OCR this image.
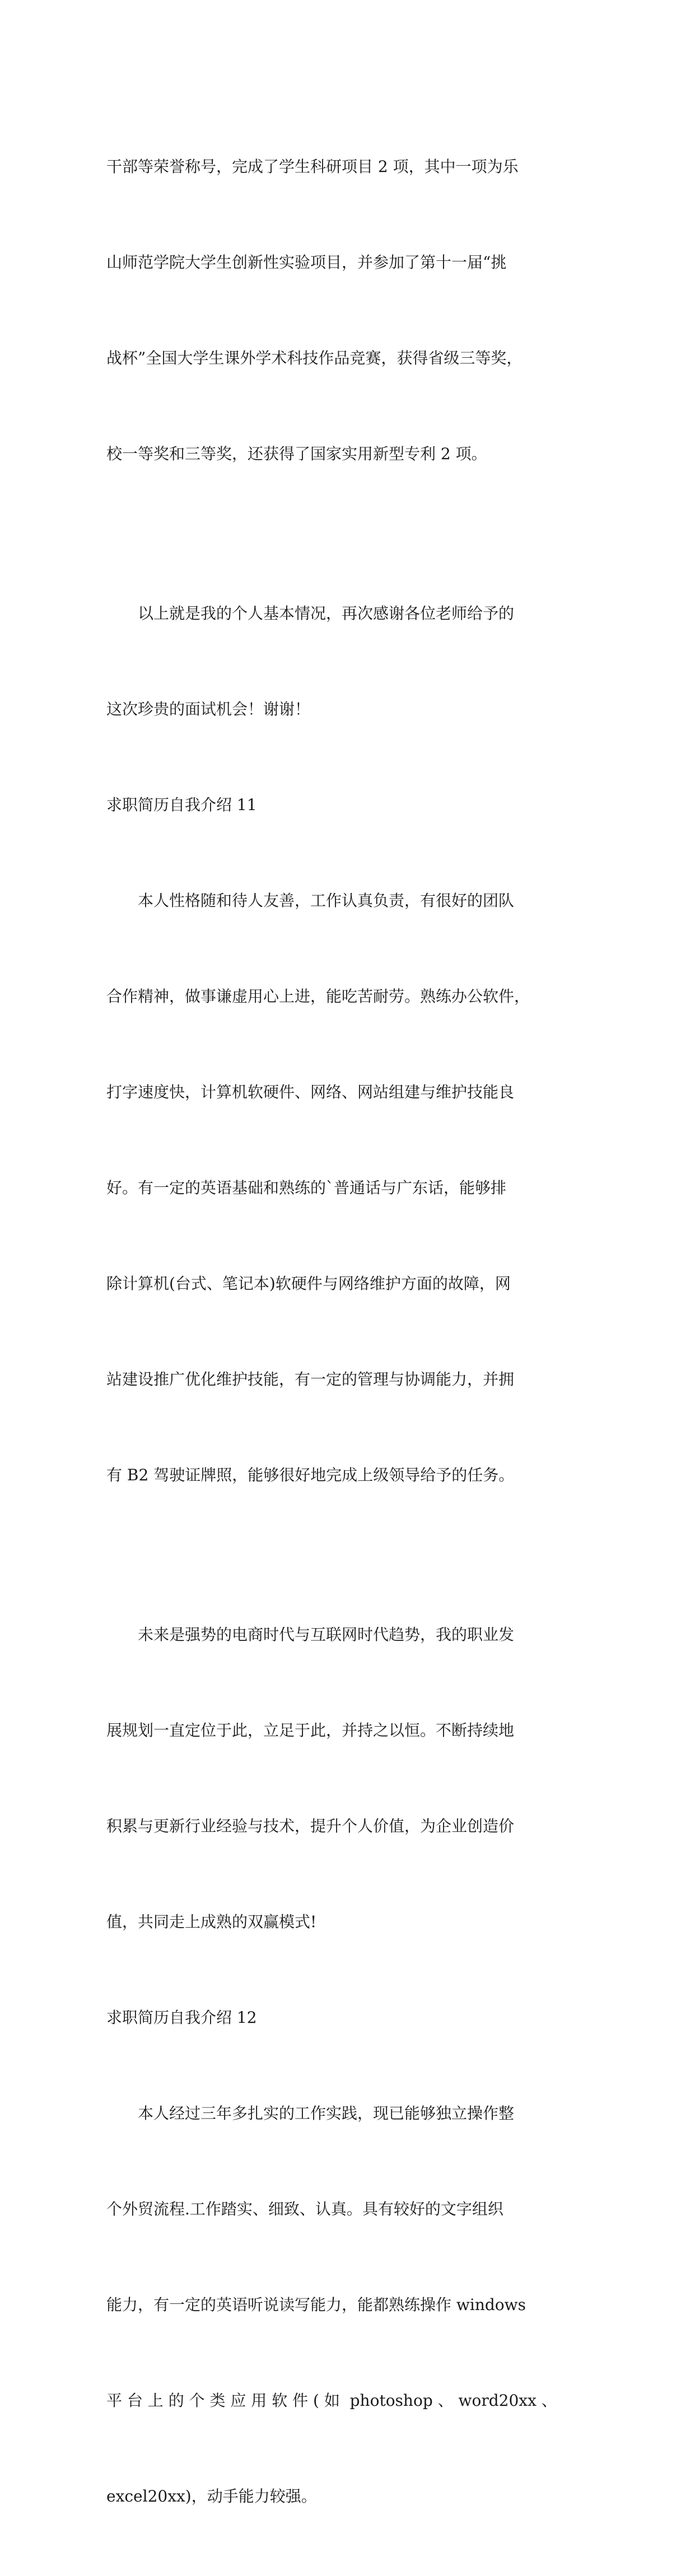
干部等荣誉称号，完成了学生科研项目 2 项，其中一项为乐

山师范学院大学生创新性实验项目，并参加了第十一届“挑

战杯”全国大学生课外学术科技作品竞赛，获得省级三等奖，

校一等奖和三等奖，还获得了国家实用新型专利 2 项。

以上就是我的个人基本情况，再次感谢各位老师给予的

这次珍贵的面试机会！谢谢！

求职简历自我介绍 11

本人性格随和待人友善，工作认真负责，有很好的团队

合作精神，做事谦虚用心上进，能吃苦耐劳。熟练办公软件，

打字速度快，计算机软硬件、网络、网站组建与维护技能良

好。有一定的英语基础和熟练的`普通话与广东话，能够排

除计算机(台式、笔记本)软硬件与网络维护方面的故障，网

站建设推广优化维护技能，有一定的管理与协调能力，并拥

有 B2 驾驶证牌照，能够很好地完成上级领导给予的任务。

未来是强势的电商时代与互联网时代趋势，我的职业发

展规划一直定位于此，立足于此，并持之以恒。不断持续地

积累与更新行业经验与技术，提升个人价值，为企业创造价

值，共同走上成熟的双赢模式!

求职简历自我介绍 12

本人经过三年多扎实的工作实践，现已能够独立操作整

个外贸流程.工作踏实、细致、认真。具有较好的文字组织

能力，有一定的英语听说读写能力，能都熟练操作 windows

平 台 上 的 个 类 应 用 软 件 ( 如  photoshop 、 word20xx 、

excel20xx)，动手能力较强。
